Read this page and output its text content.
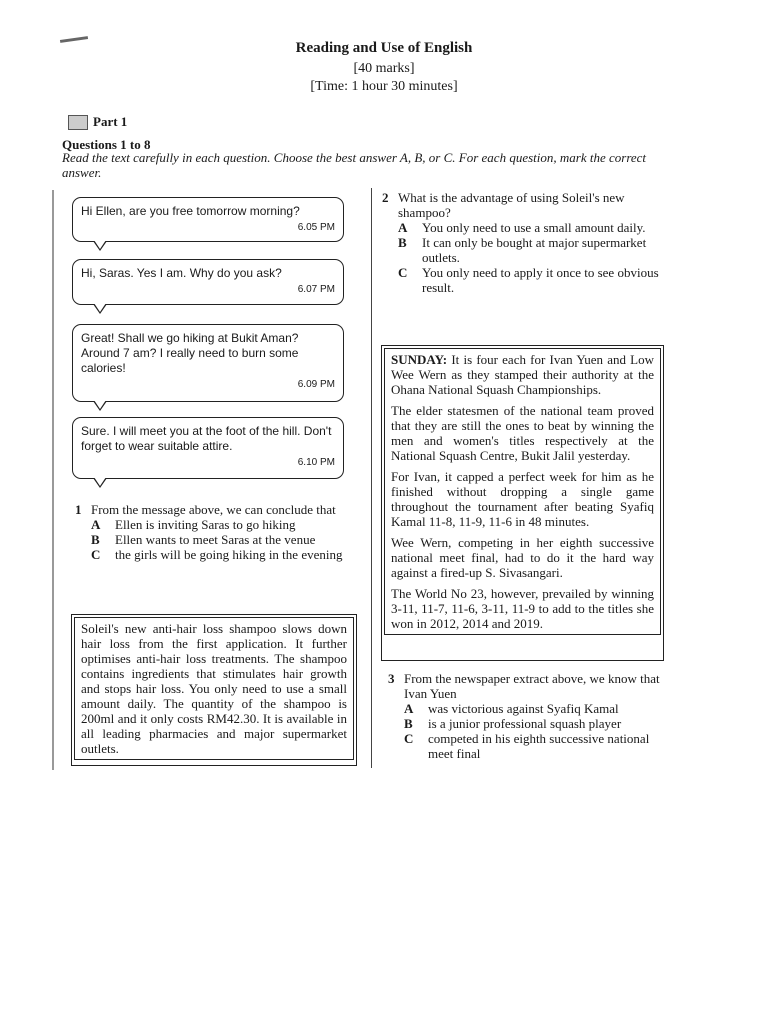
Reading and Use of English
[40 marks]
[Time: 1 hour 30 minutes]
Part 1
Questions 1 to 8
Read the text carefully in each question. Choose the best answer A, B, or C. For each question, mark the correct answer.
Hi Ellen, are you free tomorrow morning?
6.05 PM
Hi, Saras. Yes I am. Why do you ask?
6.07 PM
Great! Shall we go hiking at Bukit Aman? Around 7 am? I really need to burn some calories!
6.09 PM
Sure. I will meet you at the foot of the hill. Don't forget to wear suitable attire.
6.10 PM
1 From the message above, we can conclude that
A	Ellen is inviting Saras to go hiking
B	Ellen wants to meet Saras at the venue
C	the girls will be going hiking in the evening
Soleil's new anti-hair loss shampoo slows down hair loss from the first application. It further optimises anti-hair loss treatments. The shampoo contains ingredients that stimulates hair growth and stops hair loss. You only need to use a small amount daily. The quantity of the shampoo is 200ml and it only costs RM42.30. It is available in all leading pharmacies and major supermarket outlets.
2 What is the advantage of using Soleil's new shampoo?
A	You only need to use a small amount daily.
B	It can only be bought at major supermarket outlets.
C	You only need to apply it once to see obvious result.

SUNDAY: It is four each for Ivan Yuen and Low Wee Wern as they stamped their authority at the Ohana National Squash Championships.

The elder statesmen of the national team proved that they are still the ones to beat by winning the men and women's titles respectively at the National Squash Centre, Bukit Jalil yesterday.

For Ivan, it capped a perfect week for him as he finished without dropping a single game throughout the tournament after beating Syafiq Kamal 11-8, 11-9, 11-6 in 48 minutes.

Wee Wern, competing in her eighth successive national meet final, had to do it the hard way against a fired-up S. Sivasangari.

The World No 23, however, prevailed by winning 3-11, 11-7, 11-6, 3-11, 11-9 to add to the titles she won in 2012, 2014 and 2019.

3 From the newspaper extract above, we know that Ivan Yuen
A	was victorious against Syafiq Kamal
B	is a junior professional squash player
C	competed in his eighth successive national meet final
